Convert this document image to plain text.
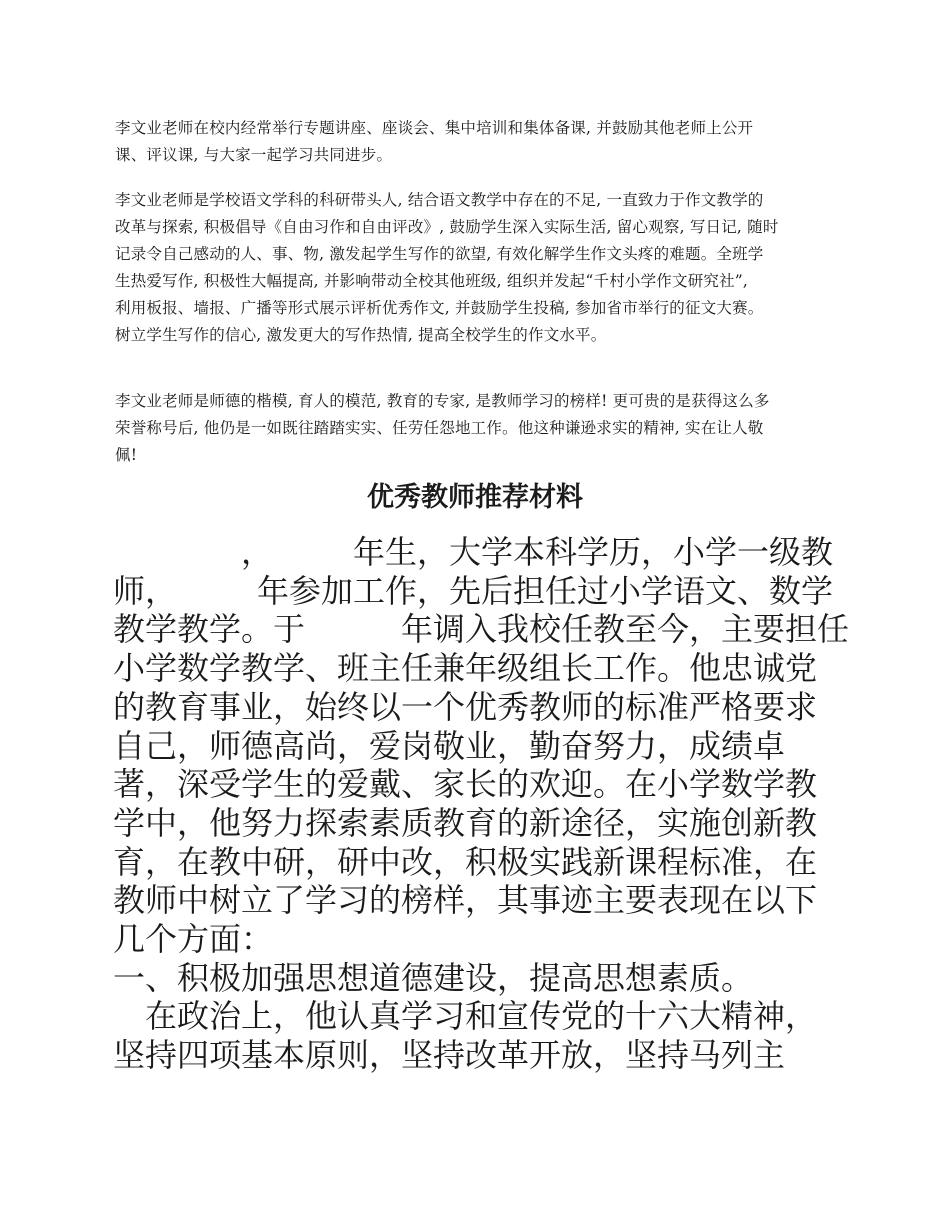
李文业老师在校内经常举行专题讲座、座谈会、集中培训和集体备课, 并鼓励其他老师上公开
课、评议课, 与大家一起学习共同进步。

李文业老师是学校语文学科的科研带头人, 结合语文教学中存在的不足, 一直致力于作文教学的
改革与探索, 积极倡导《自由习作和自由评改》, 鼓励学生深入实际生活, 留心观察, 写日记, 随时
记录令自己感动的人、事、物, 激发起学生写作的欲望, 有效化解学生作文头疼的难题。全班学
生热爱写作, 积极性大幅提高, 并影响带动全校其他班级, 组织并发起“千村小学作文研究社”,
利用板报、墙报、广播等形式展示评析优秀作文, 并鼓励学生投稿, 参加省市举行的征文大赛。
树立学生写作的信心, 激发更大的写作热情, 提高全校学生的作文水平。

李文业老师是师德的楷模, 育人的模范, 教育的专家, 是教师学习的榜样! 更可贵的是获得这么多
荣誉称号后, 他仍是一如既往踏踏实实、任劳任怨地工作。他这种谦逊求实的精神, 实在让人敬
佩!

优秀教师推荐材料
　　　　，　　　年生，大学本科学历，小学一级教
师，　　　年参加工作，先后担任过小学语文、数学
教学教学。于　　　年调入我校任教至今，主要担任
小学数学教学、班主任兼年级组长工作。他忠诚党
的教育事业，始终以一个优秀教师的标准严格要求
自己，师德高尚，爱岗敬业，勤奋努力，成绩卓
著，深受学生的爱戴、家长的欢迎。在小学数学教
学中，他努力探索素质教育的新途径，实施创新教
育，在教中研，研中改，积极实践新课程标准，在
教师中树立了学习的榜样，其事迹主要表现在以下
几个方面：
一、积极加强思想道德建设，提高思想素质。
　在政治上，他认真学习和宣传党的十六大精神，
坚持四项基本原则，坚持改革开放，坚持马列主
